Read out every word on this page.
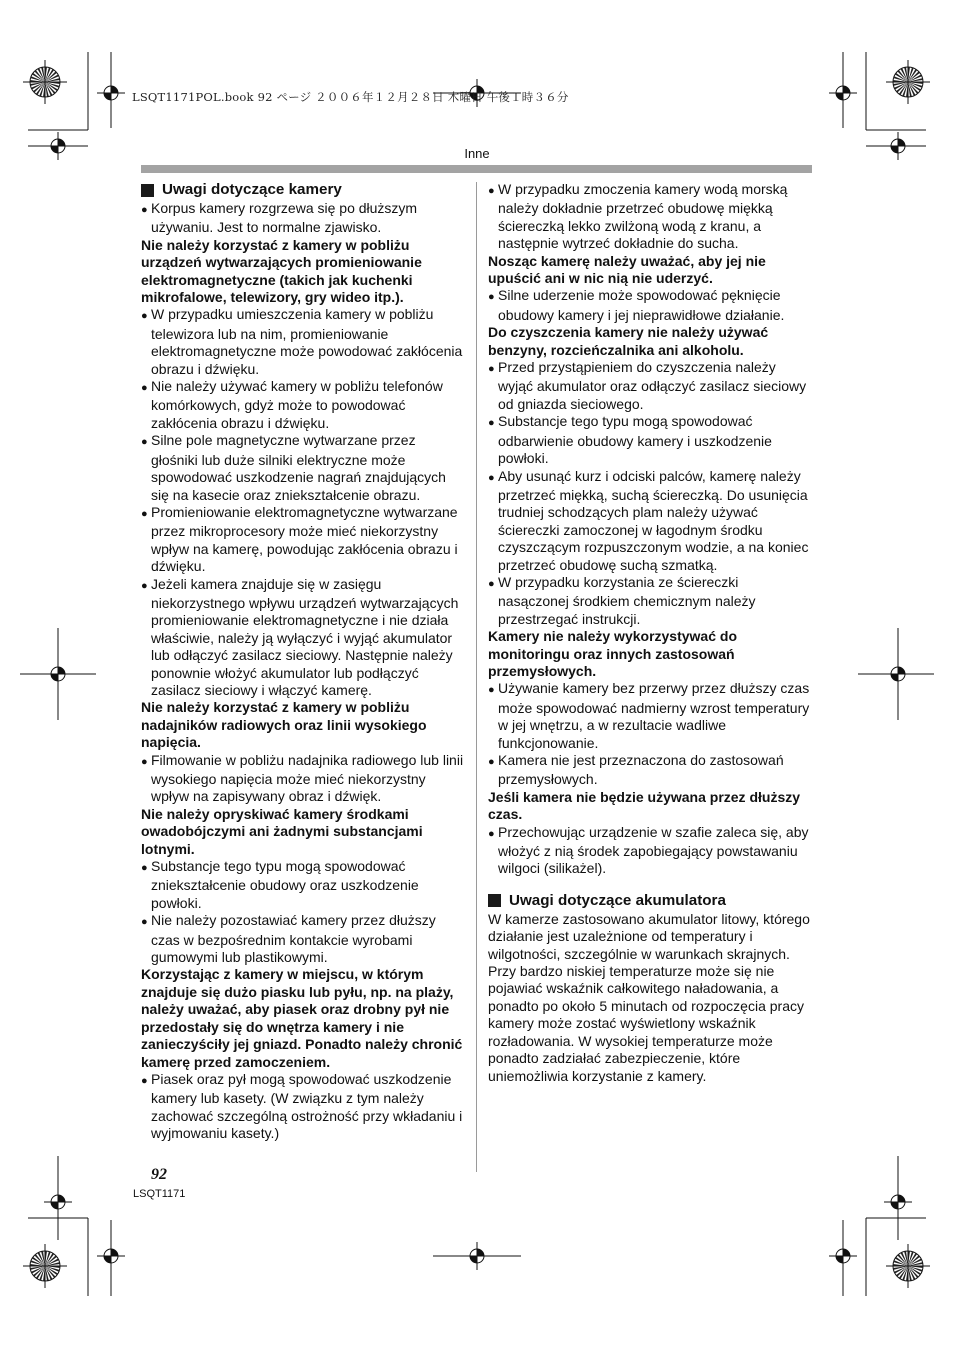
LSQT1171POL.book 92 ページ ２００６年１２月２８日 木曜日 午後１時３６分
Inne
Uwagi dotyczące kamery

● Korpus kamery rozgrzewa się po dłuższym używaniu. Jest to normalne zjawisko.

Nie należy korzystać z kamery w pobliżu urządzeń wytwarzających promieniowanie elektromagnetyczne (takich jak kuchenki mikrofalowe, telewizory, gry wideo itp.).

● W przypadku umieszczenia kamery w pobliżu telewizora lub na nim, promieniowanie elektromagnetyczne może powodować zakłócenia obrazu i dźwięku.

● Nie należy używać kamery w pobliżu telefonów komórkowych, gdyż może to powodować zakłócenia obrazu i dźwięku.

● Silne pole magnetyczne wytwarzane przez głośniki lub duże silniki elektryczne może spowodować uszkodzenie nagrań znajdujących się na kasecie oraz zniekształcenie obrazu.

● Promieniowanie elektromagnetyczne wytwarzane przez mikroprocesory może mieć niekorzystny wpływ na kamerę, powodując zakłócenia obrazu i dźwięku.

● Jeżeli kamera znajduje się w zasięgu niekorzystnego wpływu urządzeń wytwarzających promieniowanie elektromagnetyczne i nie działa właściwie, należy ją wyłączyć i wyjąć akumulator lub odłączyć zasilacz sieciowy. Następnie należy ponownie włożyć akumulator lub podłączyć zasilacz sieciowy i włączyć kamerę.

Nie należy korzystać z kamery w pobliżu nadajników radiowych oraz linii wysokiego napięcia.

● Filmowanie w pobliżu nadajnika radiowego lub linii wysokiego napięcia może mieć niekorzystny wpływ na zapisywany obraz i dźwięk.

Nie należy opryskiwać kamery środkami owadobójczymi ani żadnymi substancjami lotnymi.

● Substancje tego typu mogą spowodować zniekształcenie obudowy oraz uszkodzenie powłoki.

● Nie należy pozostawiać kamery przez dłuższy czas w bezpośrednim kontakcie wyrobami gumowymi lub plastikowymi.

Korzystając z kamery w miejscu, w którym znajduje się dużo piasku lub pyłu, np. na plaży, należy uważać, aby piasek oraz drobny pył nie przedostały się do wnętrza kamery i nie zanieczyściły jej gniazd. Ponadto należy chronić kamerę przed zamoczeniem.

● Piasek oraz pył mogą spowodować uszkodzenie kamery lub kasety. (W związku z tym należy zachować szczególną ostrożność przy wkładaniu i wyjmowaniu kasety.)

● W przypadku zmoczenia kamery wodą morską należy dokładnie przetrzeć obudowę miękką ściereczką lekko zwilżoną wodą z kranu, a następnie wytrzeć dokładnie do sucha.

Nosząc kamerę należy uważać, aby jej nie upuścić ani w nic nią nie uderzyć.

● Silne uderzenie może spowodować pęknięcie obudowy kamery i jej nieprawidłowe działanie.

Do czyszczenia kamery nie należy używać benzyny, rozcieńczalnika ani alkoholu.

● Przed przystąpieniem do czyszczenia należy wyjąć akumulator oraz odłączyć zasilacz sieciowy od gniazda sieciowego.

● Substancje tego typu mogą spowodować odbarwienie obudowy kamery i uszkodzenie powłoki.

● Aby usunąć kurz i odciski palców, kamerę należy przetrzeć miękką, suchą ściereczką. Do usunięcia trudniej schodzących plam należy używać ściereczki zamoczonej w łagodnym środku czyszczącym rozpuszczonym wodzie, a na koniec przetrzeć obudowę suchą szmatką.

● W przypadku korzystania ze ściereczki nasączonej środkiem chemicznym należy przestrzegać instrukcji.

Kamery nie należy wykorzystywać do monitoringu oraz innych zastosowań przemysłowych.

● Używanie kamery bez przerwy przez dłuższy czas może spowodować nadmierny wzrost temperatury w jej wnętrzu, a w rezultacie wadliwe funkcjonowanie.

● Kamera nie jest przeznaczona do zastosowań przemysłowych.

Jeśli kamera nie będzie używana przez dłuższy czas.

● Przechowując urządzenie w szafie zaleca się, aby włożyć z nią środek zapobiegający powstawaniu wilgoci (silikażel).

Uwagi dotyczące akumulatora

W kamerze zastosowano akumulator litowy, którego działanie jest uzależnione od temperatury i wilgotności, szczególnie w warunkach skrajnych. Przy bardzo niskiej temperaturze może się nie pojawiać wskaźnik całkowitego naładowania, a ponadto po około 5 minutach od rozpoczęcia pracy kamery może zostać wyświetlony wskaźnik rozładowania. W wysokiej temperaturze może ponadto zadziałać zabezpieczenie, które uniemożliwia korzystanie z kamery.

92
LSQT1171
